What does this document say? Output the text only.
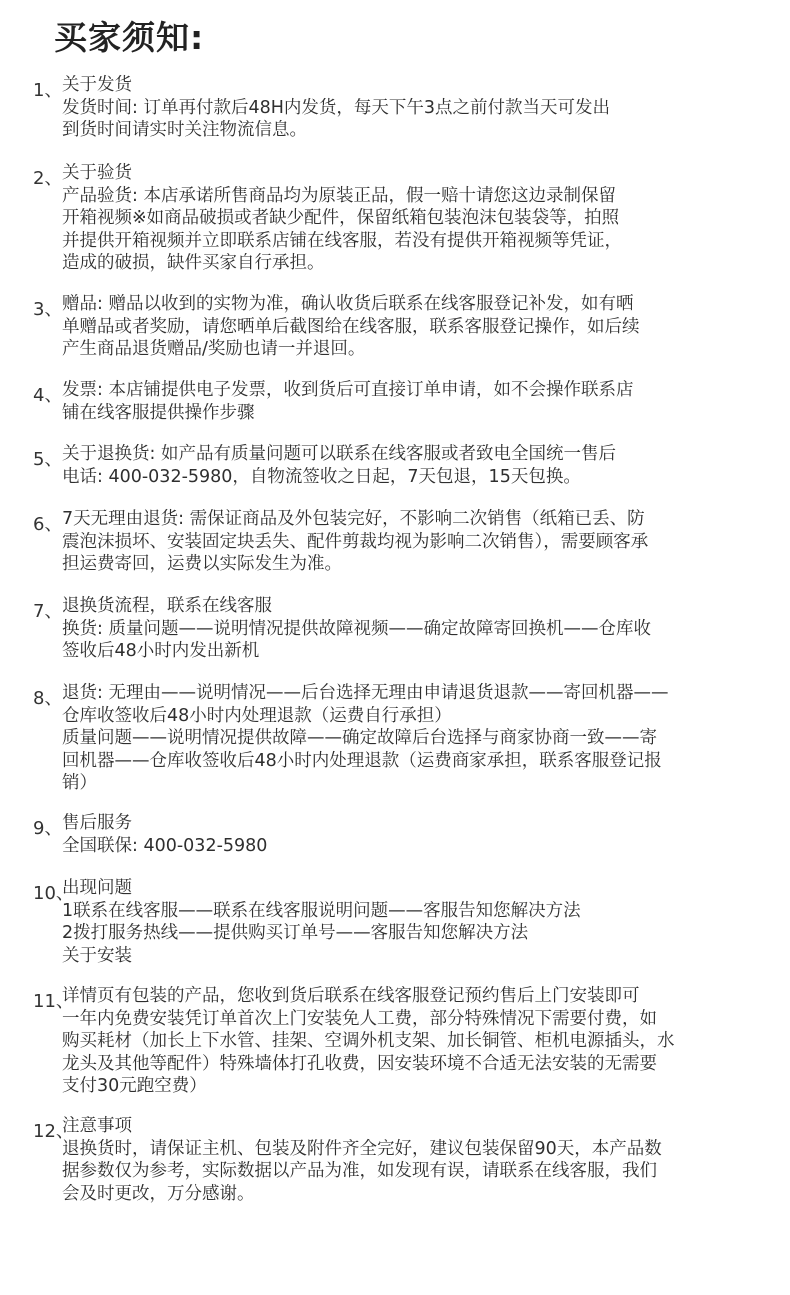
买家须知:
1、 关于发货
发货时间: 订单再付款后48H内发货，每天下午3点之前付款当天可发出
到货时间请实时关注物流信息。
2、 关于验货
产品验货: 本店承诺所售商品均为原装正品，假一赔十请您这边录制保留
开箱视频※如商品破损或者缺少配件，保留纸箱包装泡沫包装袋等，拍照
并提供开箱视频并立即联系店铺在线客服，若没有提供开箱视频等凭证，
造成的破损，缺件买家自行承担。
3、 赠品: 赠品以收到的实物为准，确认收货后联系在线客服登记补发，如有晒
单赠品或者奖励，请您晒单后截图给在线客服，联系客服登记操作，如后续
产生商品退货赠品/奖励也请一并退回。
4、 发票: 本店铺提供电子发票，收到货后可直接订单申请，如不会操作联系店
铺在线客服提供操作步骤
5、 关于退换货: 如产品有质量问题可以联系在线客服或者致电全国统一售后
电话: 400-032-5980，自物流签收之日起，7天包退，15天包换。
6、 7天无理由退货: 需保证商品及外包装完好，不影响二次销售（纸箱已丢、防
震泡沫损坏、安装固定块丢失、配件剪裁均视为影响二次销售），需要顾客承
担运费寄回，运费以实际发生为准。
7、 退换货流程，联系在线客服
换货: 质量问题——说明情况提供故障视频——确定故障寄回换机——仓库收
签收后48小时内发出新机
8、 退货: 无理由——说明情况——后台选择无理由申请退货退款——寄回机器——
仓库收签收后48小时内处理退款（运费自行承担）
质量问题——说明情况提供故障——确定故障后台选择与商家协商一致——寄
回机器——仓库收签收后48小时内处理退款（运费商家承担，联系客服登记报
销）
9、 售后服务
全国联保: 400-032-5980
10、
出现问题
1联系在线客服——联系在线客服说明问题——客服告知您解决方法
2拨打服务热线——提供购买订单号——客服告知您解决方法
关于安装
11、
详情页有包装的产品，您收到货后联系在线客服登记预约售后上门安装即可
一年内免费安装凭订单首次上门安装免人工费，部分特殊情况下需要付费，如
购买耗材（加长上下水管、挂架、空调外机支架、加长铜管、柜机电源插头，水
龙头及其他等配件）特殊墙体打孔收费，因安装环境不合适无法安装的无需要
支付30元跑空费）
12、
注意事项
退换货时，请保证主机、包装及附件齐全完好，建议包装保留90天，本产品数
据参数仅为参考，实际数据以产品为准，如发现有误，请联系在线客服，我们
会及时更改，万分感谢。
